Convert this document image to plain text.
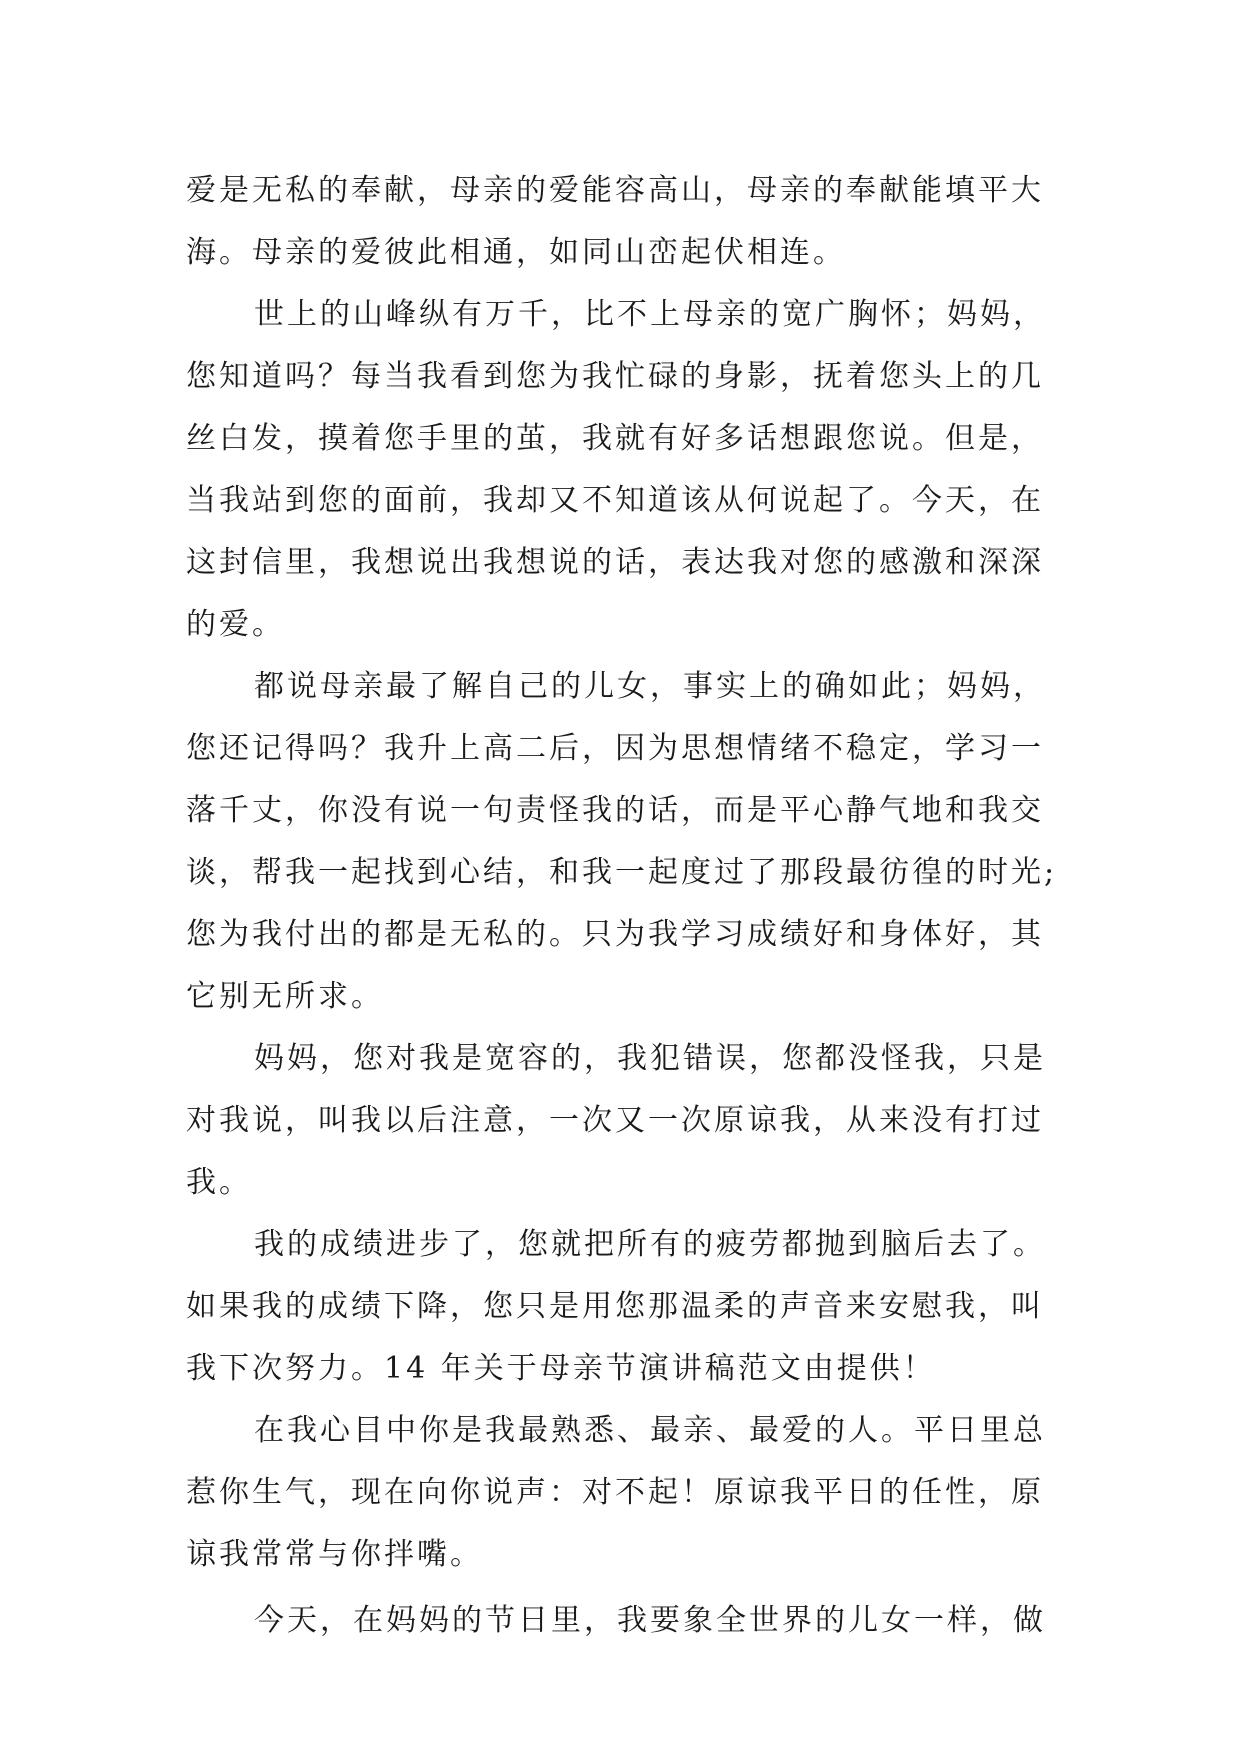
爱是无私的奉献，母亲的爱能容高山，母亲的奉献能填平大
海。母亲的爱彼此相通，如同山峦起伏相连。
世上的山峰纵有万千，比不上母亲的宽广胸怀；妈妈，
您知道吗？每当我看到您为我忙碌的身影，抚着您头上的几
丝白发，摸着您手里的茧，我就有好多话想跟您说。但是，
当我站到您的面前，我却又不知道该从何说起了。今天，在
这封信里，我想说出我想说的话，表达我对您的感激和深深
的爱。
都说母亲最了解自己的儿女，事实上的确如此；妈妈，
您还记得吗？我升上高二后，因为思想情绪不稳定，学习一
落千丈，你没有说一句责怪我的话，而是平心静气地和我交
谈，帮我一起找到心结，和我一起度过了那段最彷徨的时光;
您为我付出的都是无私的。只为我学习成绩好和身体好，其
它别无所求。
妈妈，您对我是宽容的，我犯错误，您都没怪我，只是
对我说，叫我以后注意，一次又一次原谅我，从来没有打过
我。
我的成绩进步了，您就把所有的疲劳都抛到脑后去了。
如果我的成绩下降，您只是用您那温柔的声音来安慰我，叫
我下次努力。14 年关于母亲节演讲稿范文由提供！
在我心目中你是我最熟悉、最亲、最爱的人。平日里总
惹你生气，现在向你说声：对不起！原谅我平日的任性，原
谅我常常与你拌嘴。
今天，在妈妈的节日里，我要象全世界的儿女一样，做
